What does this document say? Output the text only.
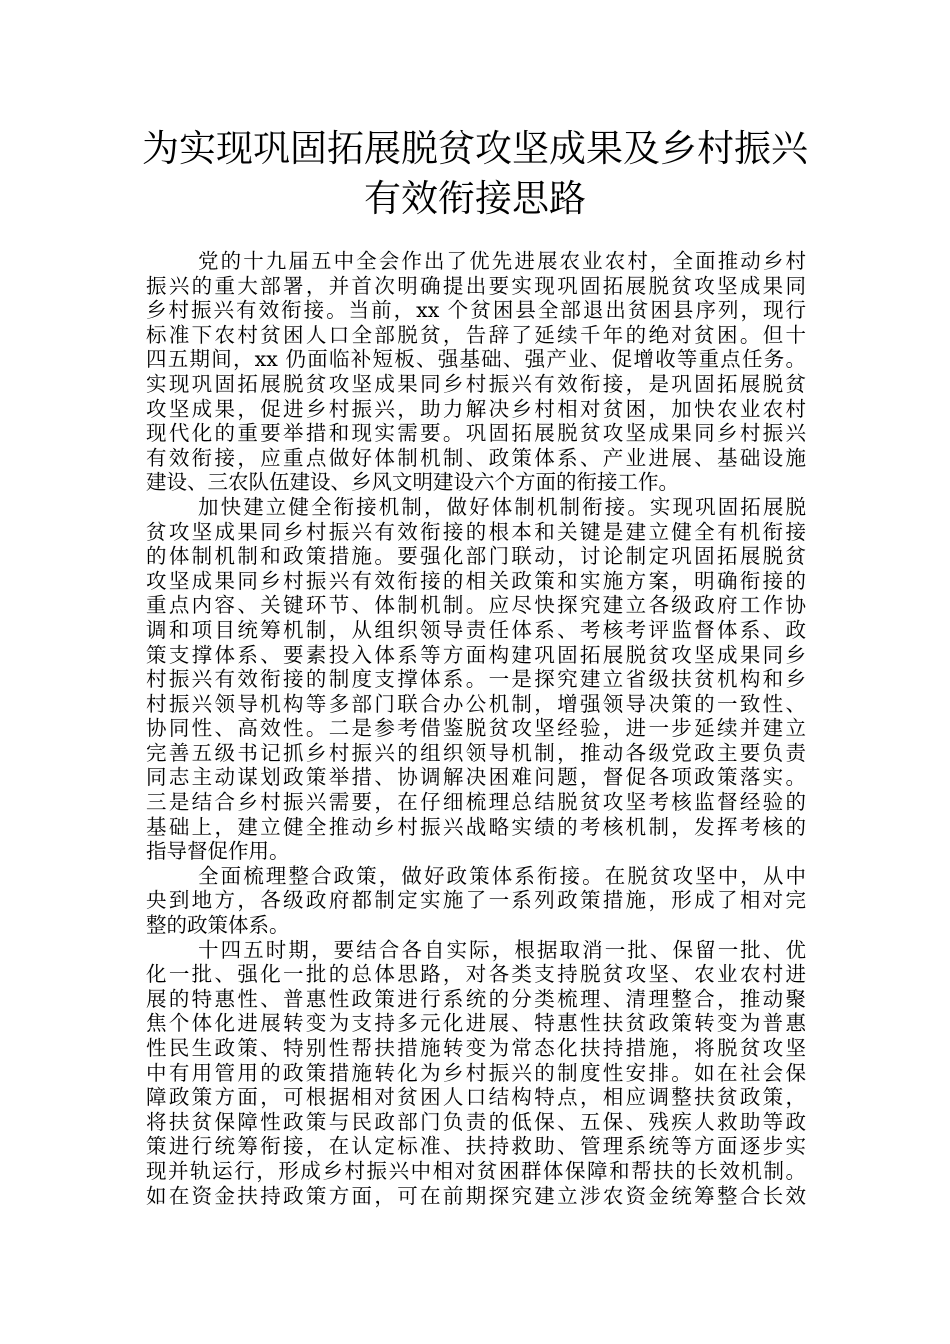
为实现巩固拓展脱贫攻坚成果及乡村振兴
有效衔接思路

党的十九届五中全会作出了优先进展农业农村，全面推动乡村
振兴的重大部署，并首次明确提出要实现巩固拓展脱贫攻坚成果同
乡村振兴有效衔接。当前，xx 个贫困县全部退出贫困县序列，现行
标准下农村贫困人口全部脱贫，告辞了延续千年的绝对贫困。但十
四五期间，xx 仍面临补短板、强基础、强产业、促增收等重点任务。
实现巩固拓展脱贫攻坚成果同乡村振兴有效衔接，是巩固拓展脱贫
攻坚成果，促进乡村振兴，助力解决乡村相对贫困，加快农业农村
现代化的重要举措和现实需要。巩固拓展脱贫攻坚成果同乡村振兴
有效衔接，应重点做好体制机制、政策体系、产业进展、基础设施
建设、三农队伍建设、乡风文明建设六个方面的衔接工作。

加快建立健全衔接机制，做好体制机制衔接。实现巩固拓展脱
贫攻坚成果同乡村振兴有效衔接的根本和关键是建立健全有机衔接
的体制机制和政策措施。要强化部门联动，讨论制定巩固拓展脱贫
攻坚成果同乡村振兴有效衔接的相关政策和实施方案，明确衔接的
重点内容、关键环节、体制机制。应尽快探究建立各级政府工作协
调和项目统筹机制，从组织领导责任体系、考核考评监督体系、政
策支撑体系、要素投入体系等方面构建巩固拓展脱贫攻坚成果同乡
村振兴有效衔接的制度支撑体系。一是探究建立省级扶贫机构和乡
村振兴领导机构等多部门联合办公机制，增强领导决策的一致性、
协同性、高效性。二是参考借鉴脱贫攻坚经验，进一步延续并建立
完善五级书记抓乡村振兴的组织领导机制，推动各级党政主要负责
同志主动谋划政策举措、协调解决困难问题，督促各项政策落实。
三是结合乡村振兴需要，在仔细梳理总结脱贫攻坚考核监督经验的
基础上，建立健全推动乡村振兴战略实绩的考核机制，发挥考核的
指导督促作用。

全面梳理整合政策，做好政策体系衔接。在脱贫攻坚中，从中
央到地方，各级政府都制定实施了一系列政策措施，形成了相对完
整的政策体系。

十四五时期，要结合各自实际，根据取消一批、保留一批、优
化一批、强化一批的总体思路，对各类支持脱贫攻坚、农业农村进
展的特惠性、普惠性政策进行系统的分类梳理、清理整合，推动聚
焦个体化进展转变为支持多元化进展、特惠性扶贫政策转变为普惠
性民生政策、特别性帮扶措施转变为常态化扶持措施，将脱贫攻坚
中有用管用的政策措施转化为乡村振兴的制度性安排。如在社会保
障政策方面，可根据相对贫困人口结构特点，相应调整扶贫政策，
将扶贫保障性政策与民政部门负责的低保、五保、残疾人救助等政
策进行统筹衔接，在认定标准、扶持救助、管理系统等方面逐步实
现并轨运行，形成乡村振兴中相对贫困群体保障和帮扶的长效机制。
如在资金扶持政策方面，可在前期探究建立涉农资金统筹整合长效
